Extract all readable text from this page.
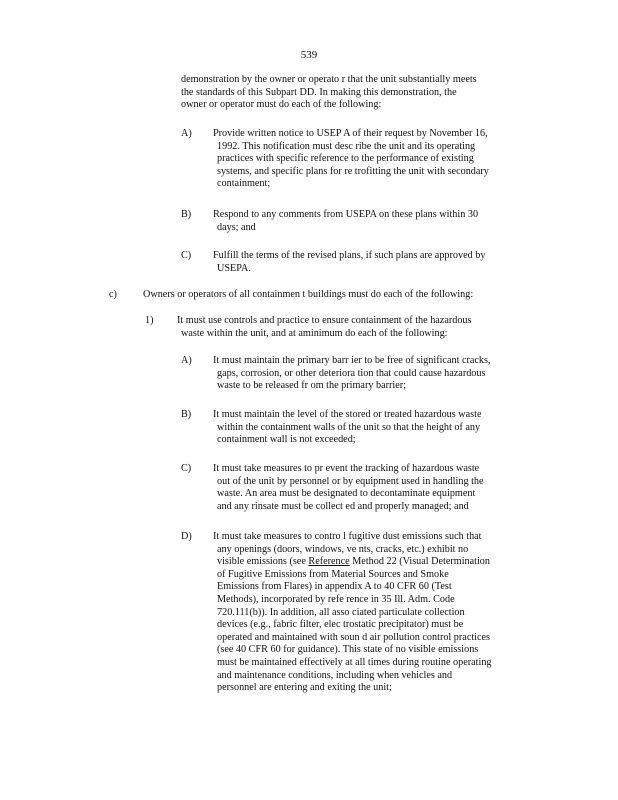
539
demonstration by the owner or operato r that the unit substantially meets
the standards of this Subpart DD. In making this demonstration, the
owner or operator must do each of the following:
A) Provide written notice to USEP A of their request by November 16,
1992. This notification must desc ribe the unit and its operating
practices with specific reference to the performance of existing
systems, and specific plans for re trofitting the unit with secondary
containment;
B) Respond to any comments from USEPA on these plans within 30
days; and
C) Fulfill the terms of the revised plans, if such plans are approved by
USEPA.
c)	Owners or operators of all containmen t buildings must do each of the following:
1) It must use controls and practice to ensure containment of the hazardous
waste within the unit, and at aminimum do each of the following:
A) It must maintain the primary barr ier to be free of significant cracks,
gaps, corrosion, or other deteriora tion that could cause hazardous
waste to be released fr om the primary barrier;
B) It must maintain the level of the stored or treated hazardous waste
within the containment walls of the unit so that the height of any
containment wall is not exceeded;
C) It must take measures to pr event the tracking of hazardous waste
out of the unit by personnel or by equipment used in handling the
waste. An area must be designated to decontaminate equipment
and any rinsate must be collect ed and properly managed; and
D) It must take measures to contro l fugitive dust emissions such that
any openings (doors, windows, ve nts, cracks, etc.) exhibit no
visible emissions (see Reference Method 22 (Visual Determination
of Fugitive Emissions from Material Sources and Smoke
Emissions from Flares) in appendix A to 40 CFR 60 (Test
Methods), incorporated by refe rence in 35 Ill. Adm. Code
720.111(b)). In addition, all asso ciated particulate collection
devices (e.g., fabric filter, elec trostatic precipitator) must be
operated and maintained with soun d air pollution control practices
(see 40 CFR 60 for guidance). This state of no visible emissions
must be maintained effectively at all times during routine operating
and maintenance conditions, including when vehicles and
personnel are entering and exiting the unit;
